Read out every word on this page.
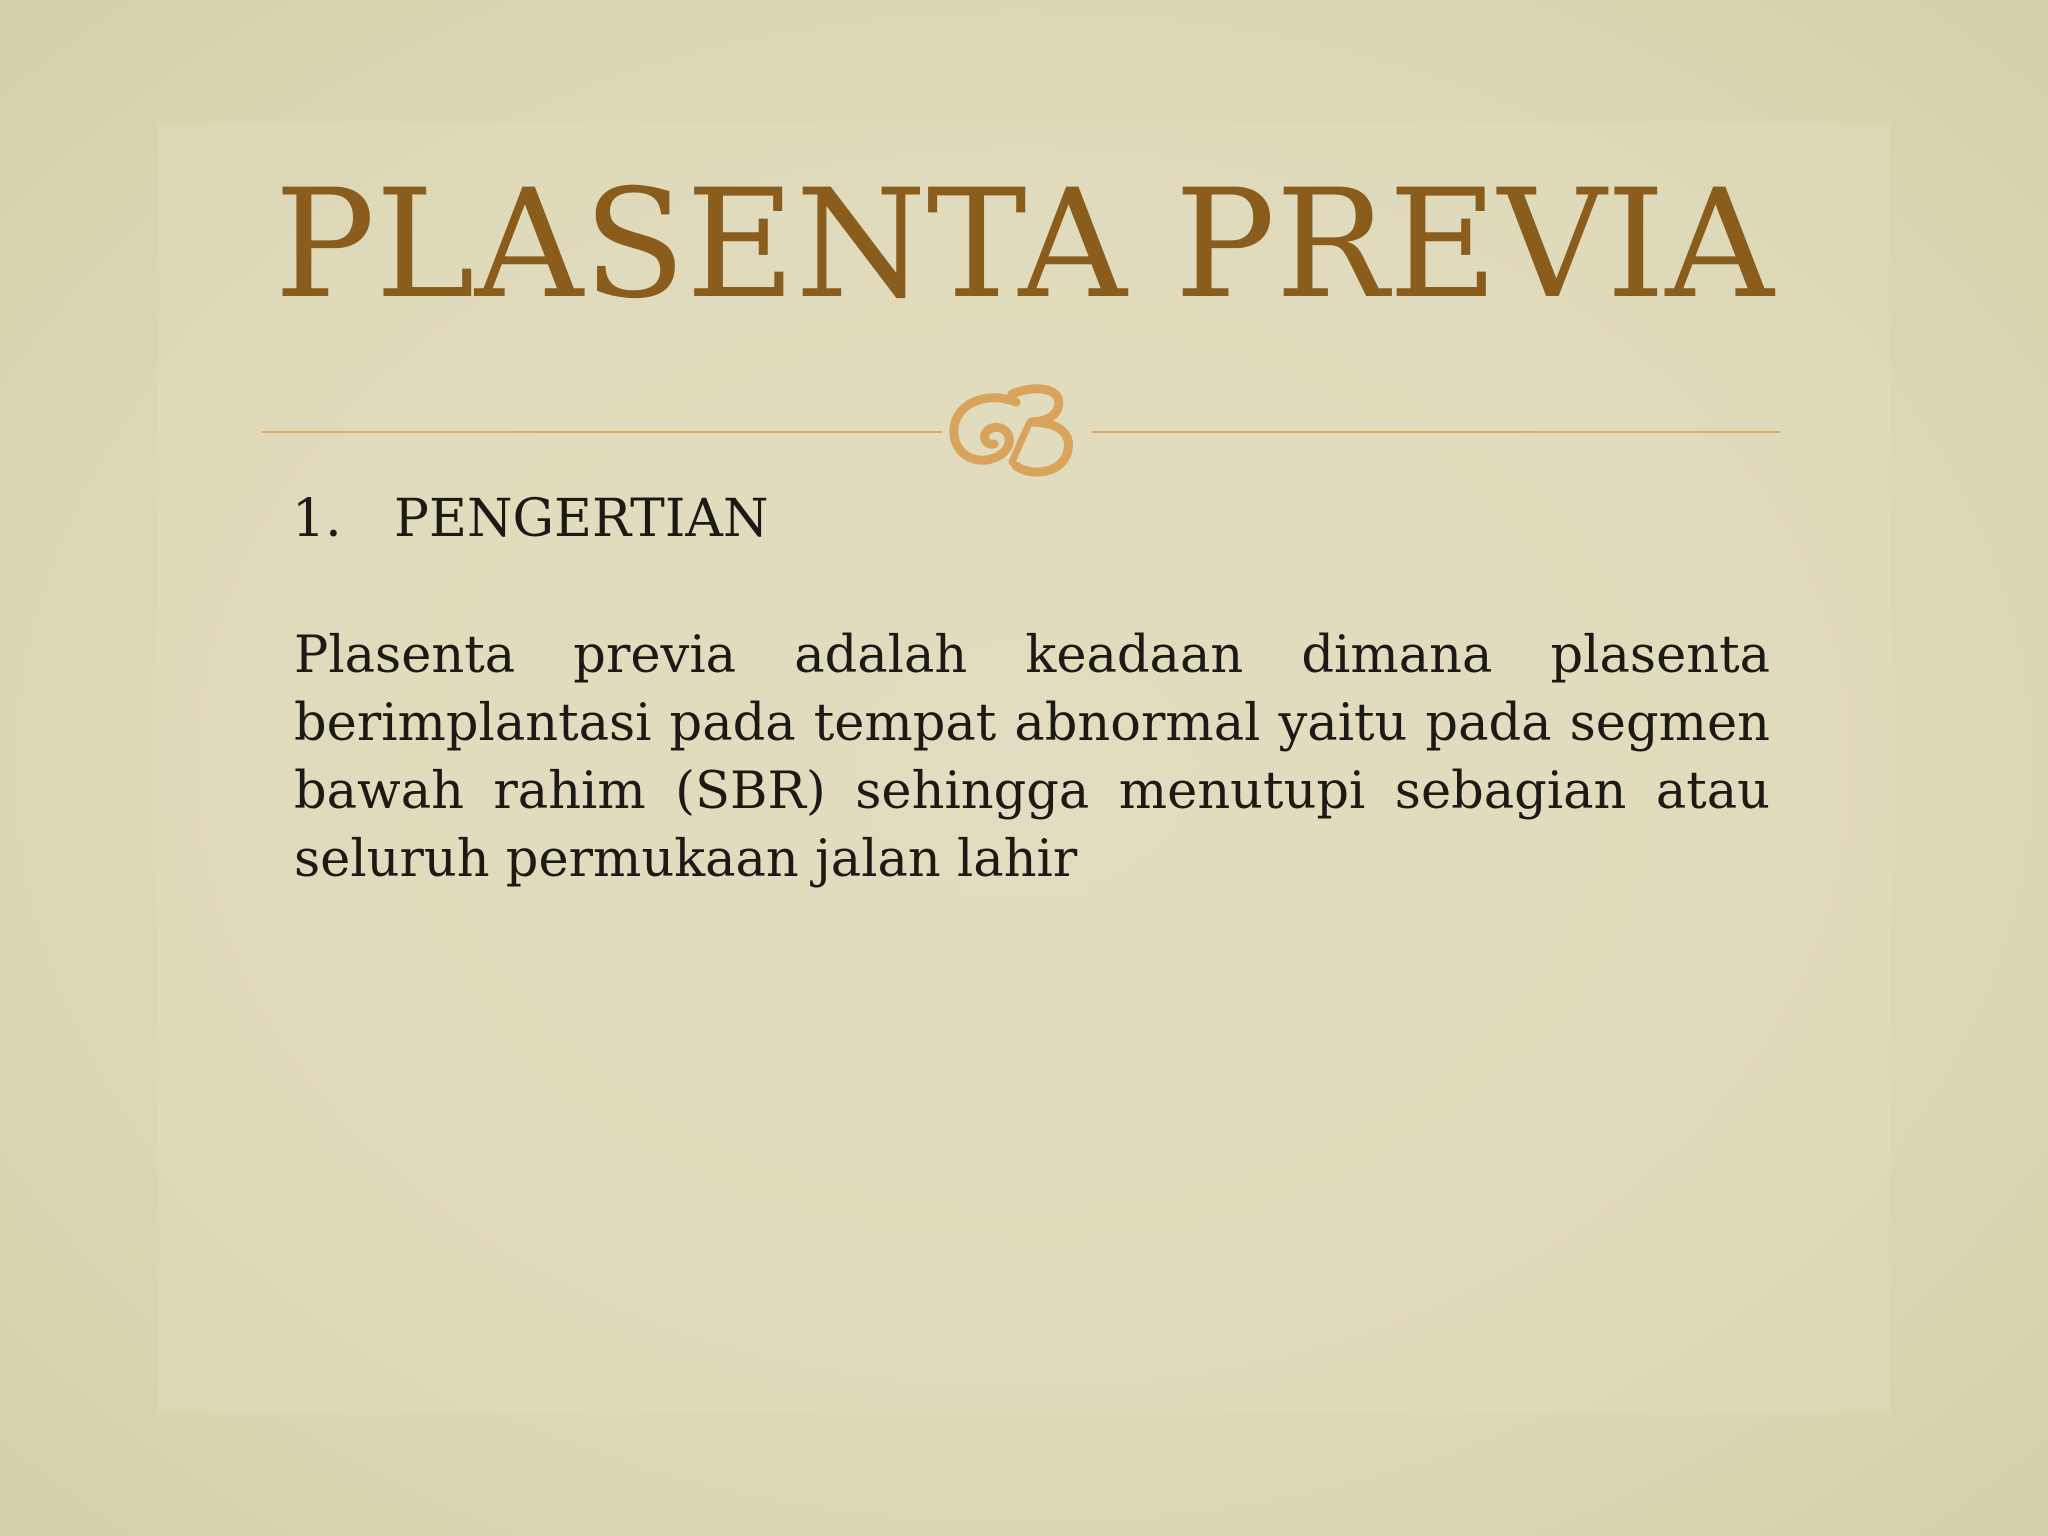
PLASENTA PREVIA
1. PENGERTIAN

Plasenta previa adalah keadaan dimana plasenta berimplantasi pada tempat abnormal yaitu pada segmen bawah rahim (SBR) sehingga menutupi sebagian atau seluruh permukaan jalan lahir
